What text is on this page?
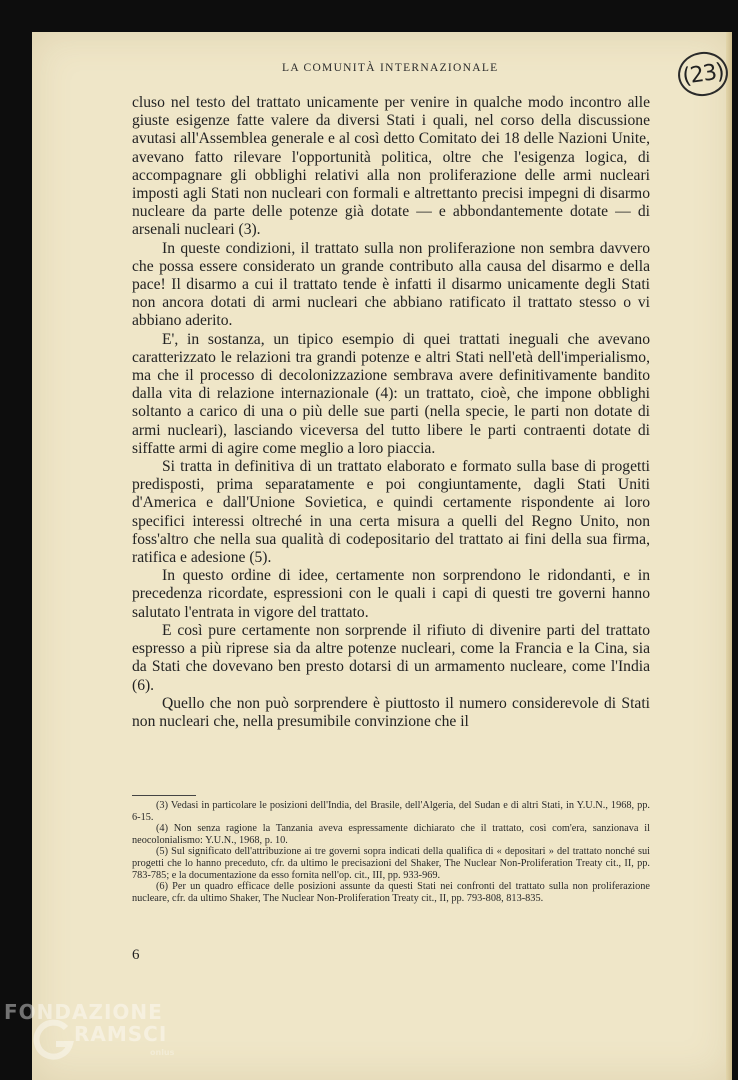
(23)
LA COMUNITÀ INTERNAZIONALE

cluso nel testo del trattato unicamente per venire in qualche modo incontro alle giuste esigenze fatte valere da diversi Stati i quali, nel corso della discussione avutasi all'Assemblea generale e al così detto Comitato dei 18 delle Nazioni Unite, avevano fatto rilevare l'opportunità politica, oltre che l'esigenza logica, di accompagnare gli obblighi relativi alla non proliferazione delle armi nucleari imposti agli Stati non nucleari con formali e altrettanto precisi impegni di disarmo nucleare da parte delle potenze già dotate — e abbondantemente dotate — di arsenali nucleari (3).

In queste condizioni, il trattato sulla non proliferazione non sembra davvero che possa essere considerato un grande contributo alla causa del disarmo e della pace! Il disarmo a cui il trattato tende è infatti il disarmo unicamente degli Stati non ancora dotati di armi nucleari che abbiano ratificato il trattato stesso o vi abbiano aderito.

E', in sostanza, un tipico esempio di quei trattati ineguali che avevano caratterizzato le relazioni tra grandi potenze e altri Stati nell'età dell'imperialismo, ma che il processo di decolonizzazione sembrava avere definitivamente bandito dalla vita di relazione internazionale (4): un trattato, cioè, che impone obblighi soltanto a carico di una o più delle sue parti (nella specie, le parti non dotate di armi nucleari), lasciando viceversa del tutto libere le parti contraenti dotate di siffatte armi di agire come meglio a loro piaccia.

Si tratta in definitiva di un trattato elaborato e formato sulla base di progetti predisposti, prima separatamente e poi congiuntamente, dagli Stati Uniti d'America e dall'Unione Sovietica, e quindi certamente rispondente ai loro specifici interessi oltreché in una certa misura a quelli del Regno Unito, non foss'altro che nella sua qualità di codepositario del trattato ai fini della sua firma, ratifica e adesione (5).

In questo ordine di idee, certamente non sorprendono le ridondanti, e in precedenza ricordate, espressioni con le quali i capi di questi tre governi hanno salutato l'entrata in vigore del trattato.

E così pure certamente non sorprende il rifiuto di divenire parti del trattato espresso a più riprese sia da altre potenze nucleari, come la Francia e la Cina, sia da Stati che dovevano ben presto dotarsi di un armamento nucleare, come l'India (6).

Quello che non può sorprendere è piuttosto il numero considerevole di Stati non nucleari che, nella presumibile convinzione che il

(3) Vedasi in particolare le posizioni dell'India, del Brasile, dell'Algeria, del Sudan e di altri Stati, in Y.U.N., 1968, pp. 6-15.

(4) Non senza ragione la Tanzania aveva espressamente dichiarato che il trattato, così com'era, sanzionava il neocolonialismo: Y.U.N., 1968, p. 10.

(5) Sul significato dell'attribuzione ai tre governi sopra indicati della qualifica di « depositari » del trattato nonché sui progetti che lo hanno preceduto, cfr. da ultimo le precisazioni del Shaker, The Nuclear Non-Proliferation Treaty cit., II, pp. 783-785; e la documentazione da esso fornita nell'op. cit., III, pp. 933-969.

(6) Per un quadro efficace delle posizioni assunte da questi Stati nei confronti del trattato sulla non proliferazione nucleare, cfr. da ultimo Shaker, The Nuclear Non-Proliferation Treaty cit., II, pp. 793-808, 813-835.

6
FONDAZIONE
RAMSCI
onlus
